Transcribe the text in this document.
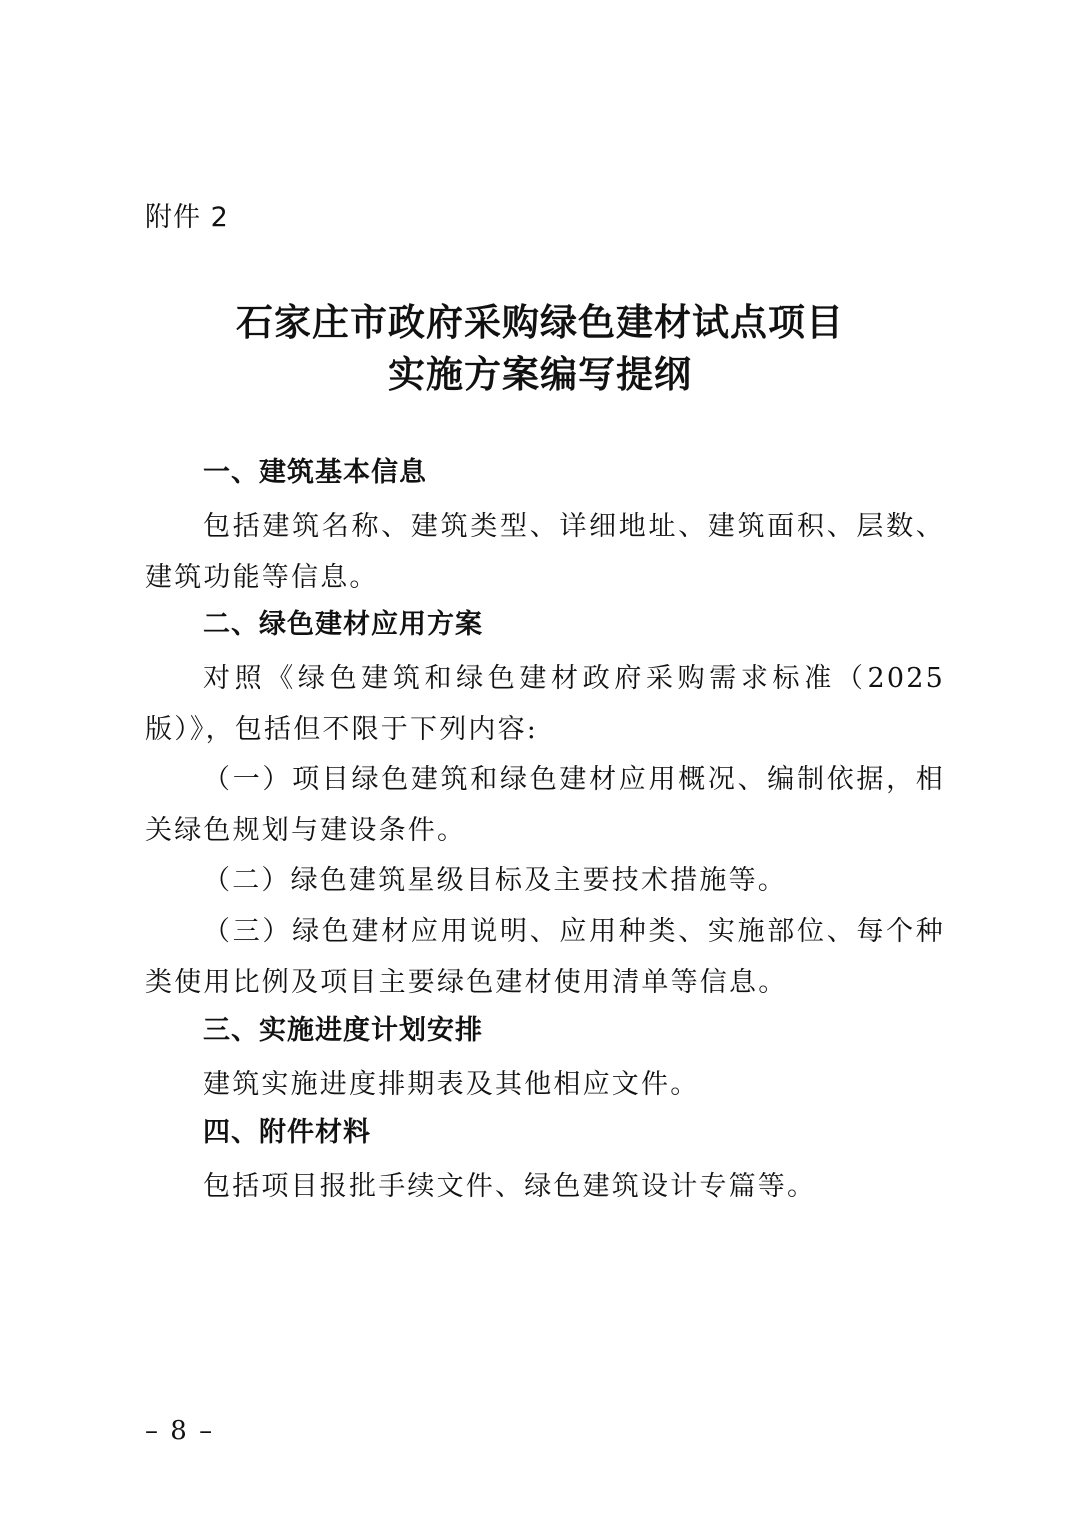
附件 2
石家庄市政府采购绿色建材试点项目
实施方案编写提纲
一、建筑基本信息

包括建筑名称、建筑类型、详细地址、建筑面积、层数、建筑功能等信息。

二、绿色建材应用方案

对照《绿色建筑和绿色建材政府采购需求标准（2025版）》，包括但不限于下列内容:

（一）项目绿色建筑和绿色建材应用概况、编制依据，相关绿色规划与建设条件。

（二）绿色建筑星级目标及主要技术措施等。

（三）绿色建材应用说明、应用种类、实施部位、每个种类使用比例及项目主要绿色建材使用清单等信息。

三、实施进度计划安排

建筑实施进度排期表及其他相应文件。

四、附件材料

包括项目报批手续文件、绿色建筑设计专篇等。

– 8 –
